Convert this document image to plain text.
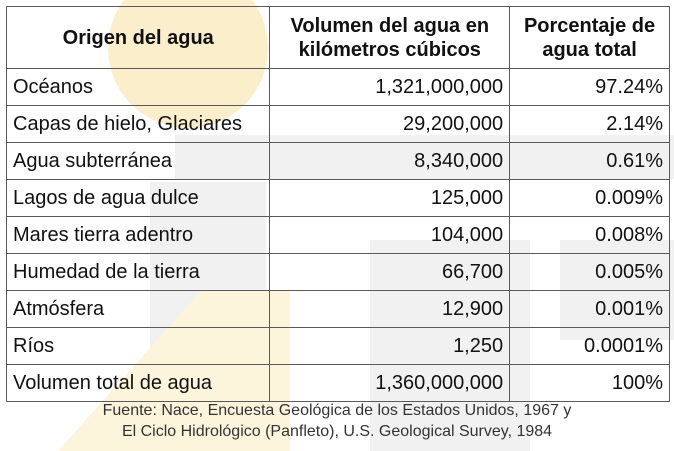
Origen del agua	Volumen del agua en kilómetros cúbicos	Porcentaje de agua total
Océanos	1,321,000,000	97.24%
Capas de hielo, Glaciares	29,200,000	2.14%
Agua subterránea	8,340,000	0.61%
Lagos de agua dulce	125,000	0.009%
Mares tierra adentro	104,000	0.008%
Humedad de la tierra	66,700	0.005%
Atmósfera	12,900	0.001%
Ríos	1,250	0.0001%
Volumen total de agua	1,360,000,000	100%
Fuente: Nace, Encuesta Geológica de los Estados Unidos, 1967 y
El Ciclo Hidrológico (Panfleto), U.S. Geological Survey, 1984
